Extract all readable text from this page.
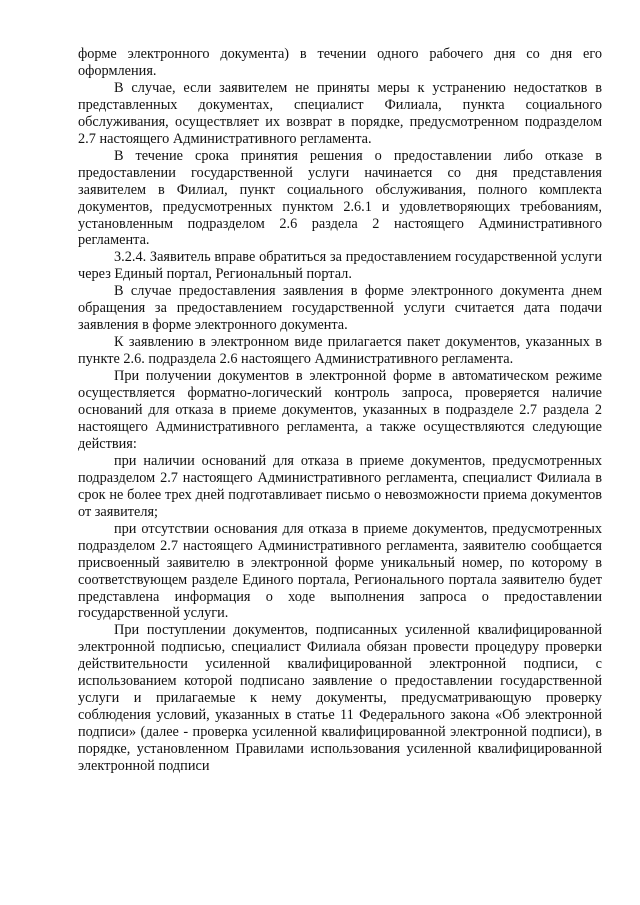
форме электронного документа) в течении одного рабочего дня со дня его оформления.

В случае, если заявителем не приняты меры к устранению недостатков в представленных документах, специалист Филиала, пункта социального обслуживания, осуществляет их возврат в порядке, предусмотренном подразделом 2.7 настоящего Административного регламента.

В течение срока принятия решения о предоставлении либо отказе в предоставлении государственной услуги начинается со дня представления заявителем в Филиал, пункт социального обслуживания, полного комплекта документов, предусмотренных пунктом 2.6.1 и удовлетворяющих требованиям, установленным подразделом 2.6 раздела 2 настоящего Административного регламента.

3.2.4. Заявитель вправе обратиться за предоставлением государственной услуги через Единый портал, Региональный портал.

В случае предоставления заявления в форме электронного документа днем обращения за предоставлением государственной услуги считается дата подачи заявления в форме электронного документа.

К заявлению в электронном виде прилагается пакет документов, указанных в пункте 2.6. подраздела 2.6 настоящего Административного регламента.

При получении документов в электронной форме в автоматическом режиме осуществляется форматно-логический контроль запроса, проверяется наличие оснований для отказа в приеме документов, указанных в подразделе 2.7 раздела 2 настоящего Административного регламента, а также осуществляются следующие действия:

при наличии оснований для отказа в приеме документов, предусмотренных подразделом 2.7 настоящего Административного регламента, специалист Филиала в срок не более трех дней подготавливает письмо о невозможности приема документов от заявителя;

при отсутствии основания для отказа в приеме документов, предусмотренных подразделом 2.7 настоящего Административного регламента, заявителю сообщается присвоенный заявителю в электронной форме уникальный номер, по которому в соответствующем разделе Единого портала, Регионального портала заявителю будет представлена информация о ходе выполнения запроса о предоставлении государственной услуги.

При поступлении документов, подписанных усиленной квалифицированной электронной подписью, специалист Филиала обязан провести процедуру проверки действительности усиленной квалифицированной электронной подписи, с использованием которой подписано заявление о предоставлении государственной услуги и прилагаемые к нему документы, предусматривающую проверку соблюдения условий, указанных в статье 11 Федерального закона «Об электронной подписи» (далее - проверка усиленной квалифицированной электронной подписи), в порядке, установленном Правилами использования усиленной квалифицированной электронной подписи
